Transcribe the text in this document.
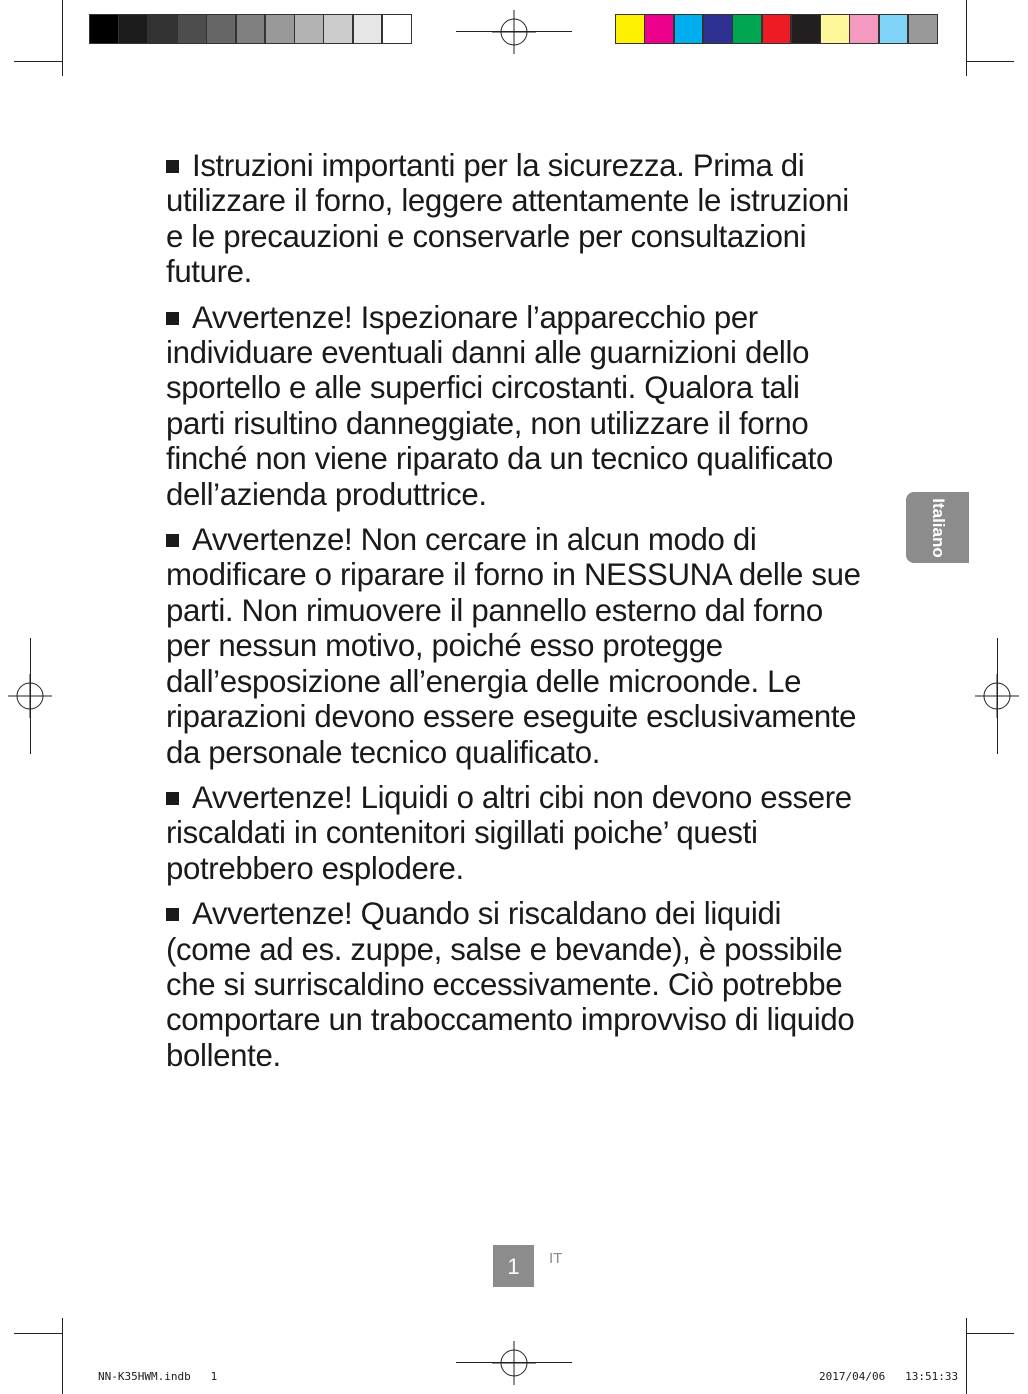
Istruzioni importanti per la sicurezza. Prima di utilizzare il forno, leggere attentamente le istruzioni e le precauzioni e conservarle per consultazioni future.

Avvertenze! Ispezionare l’apparecchio per individuare eventuali danni alle guarnizioni dello sportello e alle superfici circostanti. Qualora tali parti risultino danneggiate, non utilizzare il forno finché non viene riparato da un tecnico qualificato dell’azienda produttrice.

Avvertenze! Non cercare in alcun modo di modificare o riparare il forno in NESSUNA delle sue parti. Non rimuovere il pannello esterno dal forno per nessun motivo, poiché esso protegge dall’esposizione all’energia delle microonde. Le riparazioni devono essere eseguite esclusivamente da personale tecnico qualificato.

Avvertenze! Liquidi o altri cibi non devono essere riscaldati in contenitori sigillati poiche’ questi potrebbero esplodere.

Avvertenze! Quando si riscaldano dei liquidi (come ad es. zuppe, salse e bevande), è possibile che si surriscaldino eccessivamente. Ciò potrebbe comportare un traboccamento improvviso di liquido bollente.

Italiano
1	IT
NN-K35HWM.indb   1	2017/04/06   13:51:33
